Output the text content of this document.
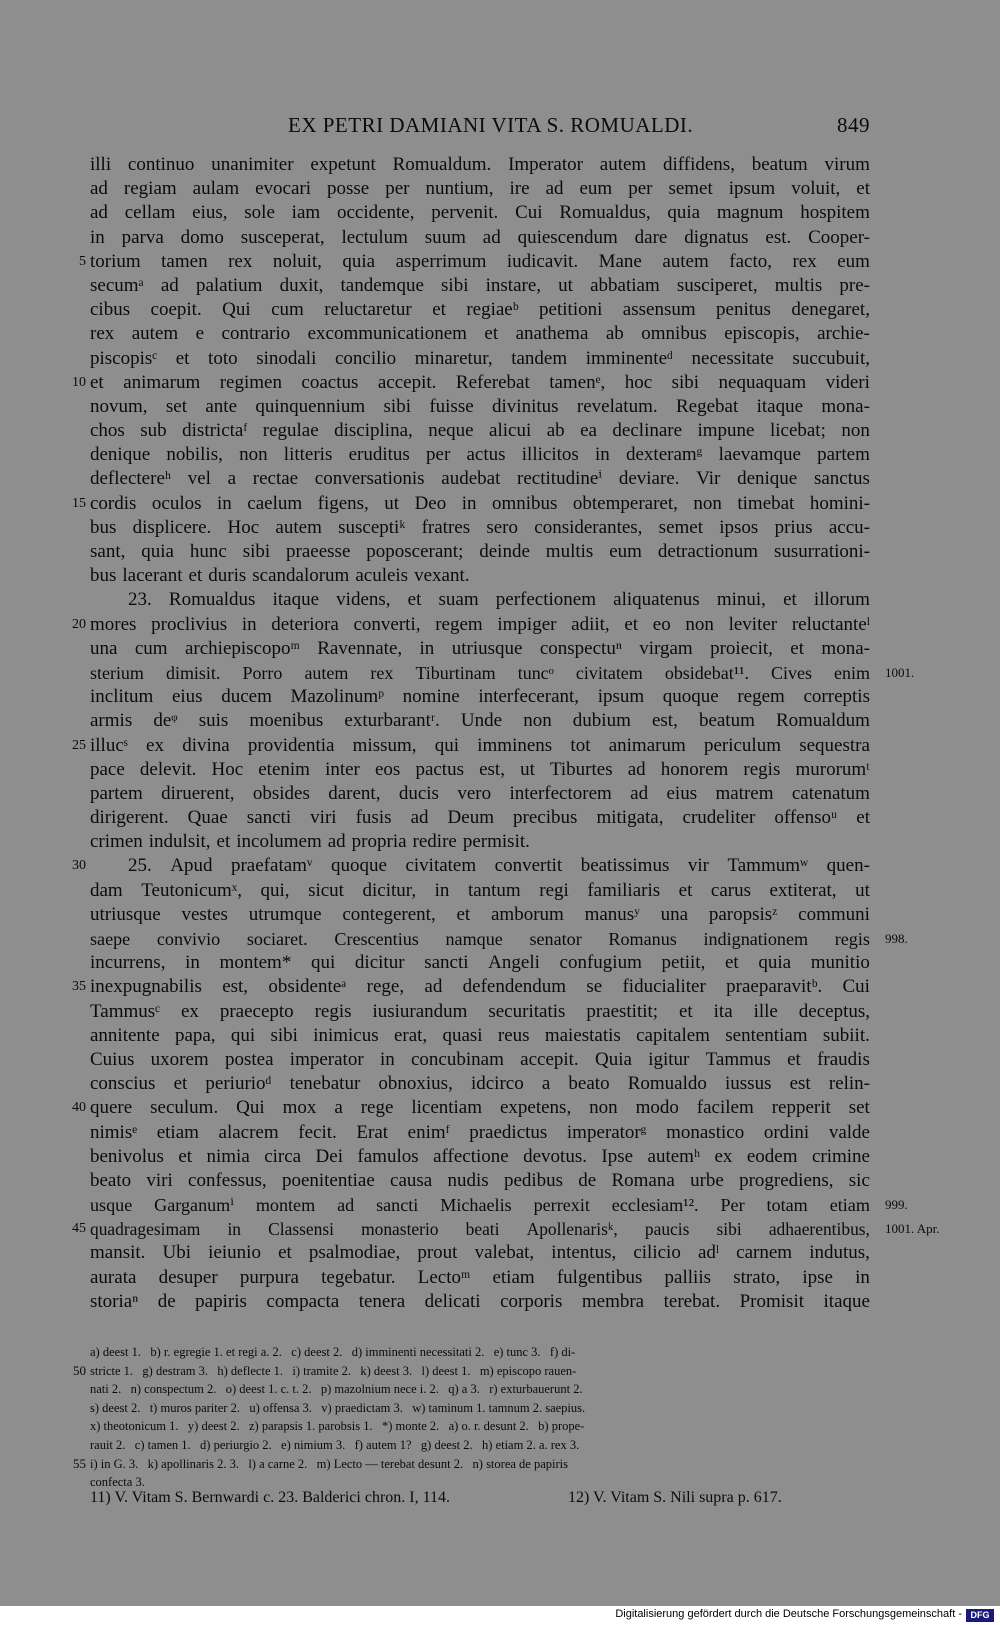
EX PETRI DAMIANI VITA S. ROMUALDI.	849
illi continuo unanimiter expetunt Romualdum. Imperator autem diffidens, beatum virum
ad regiam aulam evocari posse per nuntium, ire ad eum per semet ipsum voluit, et
ad cellam eius, sole iam occidente, pervenit. Cui Romualdus, quia magnum hospitem
in parva domo susceperat, lectulum suum ad quiescendum dare dignatus est. Cooper-
5 torium tamen rex noluit, quia asperrimum iudicavit. Mane autem facto, rex eum
secumᵃ ad palatium duxit, tandemque sibi instare, ut abbatiam susciperet, multis pre-
cibus coepit. Qui cum reluctaretur et regiaeᵇ petitioni assensum penitus denegaret,
rex autem e contrario excommunicationem et anathema ab omnibus episcopis, archie-
piscopisᶜ et toto sinodali concilio minaretur, tandem imminenteᵈ necessitate succubuit,
10 et animarum regimen coactus accepit. Referebat tamenᵉ, hoc sibi nequaquam videri
novum, set ante quinquennium sibi fuisse divinitus revelatum. Regebat itaque mona-
chos sub districtaᶠ regulae disciplina, neque alicui ab ea declinare impune licebat; non
denique nobilis, non litteris eruditus per actus illicitos in dexteramᵍ laevamque partem
deflectereʰ vel a rectae conversationis audebat rectitudineⁱ deviare. Vir denique sanctus
15 cordis oculos in caelum figens, ut Deo in omnibus obtemperaret, non timebat homini-
bus displicere. Hoc autem susceptiᵏ fratres sero considerantes, semet ipsos prius accu-
sant, quia hunc sibi praeesse poposcerant; deinde multis eum detractionum susurrationi-
bus lacerant et duris scandalorum aculeis vexant.
23. Romualdus itaque videns, et suam perfectionem aliquatenus minui, et illorum
20 mores proclivius in deteriora converti, regem impiger adiit, et eo non leviter reluctanteˡ
una cum archiepiscopoᵐ Ravennate, in utriusque conspectuⁿ virgam proiecit, et mona-
sterium dimisit. Porro autem rex Tiburtinam tuncᵒ civitatem obsidebat¹¹. Cives enim 1001.
inclitum eius ducem Mazolinumᵖ nomine interfecerant, ipsum quoque regem correptis
armis deᵠ suis moenibus exturbarantʳ. Unde non dubium est, beatum Romualdum
25 illucˢ ex divina providentia missum, qui imminens tot animarum periculum sequestra
pace delevit. Hoc etenim inter eos pactus est, ut Tiburtes ad honorem regis murorumᵗ
partem diruerent, obsides darent, ducis vero interfectorem ad eius matrem catenatum
dirigerent. Quae sancti viri fusis ad Deum precibus mitigata, crudeliter offensoᵘ et
crimen indulsit, et incolumem ad propria redire permisit.
30 25. Apud praefatamᵛ quoque civitatem convertit beatissimus vir Tammumʷ quen-
dam Teutonicumˣ, qui, sicut dicitur, in tantum regi familiaris et carus extiterat, ut
utriusque vestes utrumque contegerent, et amborum manusʸ una paropsisᶻ communi
saepe convivio sociaret. Crescentius namque senator Romanus indignationem regis 998.
incurrens, in montem* qui dicitur sancti Angeli confugium petiit, et quia munitio
35 inexpugnabilis est, obsidenteᵃ rege, ad defendendum se fiducialiter praeparavitᵇ. Cui
Tammusᶜ ex praecepto regis iusiurandum securitatis praestitit; et ita ille deceptus,
annitente papa, qui sibi inimicus erat, quasi reus maiestatis capitalem sententiam subiit.
Cuius uxorem postea imperator in concubinam accepit. Quia igitur Tammus et fraudis
conscius et periurioᵈ tenebatur obnoxius, idcirco a beato Romualdo iussus est relin-
40 quere seculum. Qui mox a rege licentiam expetens, non modo facilem repperit set
nimisᵉ etiam alacrem fecit. Erat enimᶠ praedictus imperatorᵍ monastico ordini valde
benivolus et nimia circa Dei famulos affectione devotus. Ipse autemʰ ex eodem crimine
beato viri confessus, poenitentiae causa nudis pedibus de Romana urbe progrediens, sic
usque Garganumⁱ montem ad sancti Michaelis perrexit ecclesiam¹². Per totam etiam 999.
45 quadragesimam in Classensi monasterio beati Apollenarisᵏ, paucis sibi adhaerentibus, 1001. Apr.
mansit. Ubi ieiunio et psalmodiae, prout valebat, intentus, cilicio adˡ carnem indutus,
aurata desuper purpura tegebatur. Lectoᵐ etiam fulgentibus palliis strato, ipse in
storiaⁿ de papiris compacta tenera delicati corporis membra terebat. Promisit itaque
a) deest 1.   b) r. egregie 1. et regi a. 2.   c) deest 2.   d) imminenti necessitati 2.   e) tunc 3.   f) di-
50 stricte 1.   g) destram 3.   h) deflecte 1.   i) tramite 2.   k) deest 3.   l) deest 1.   m) episcopo rauen-
nati 2.   n) conspectum 2.   o) deest 1. c. t. 2.   p) mazolnium nece i. 2.   q) a 3.   r) exturbauerunt 2.
s) deest 2.   t) muros pariter 2.   u) offensa 3.   v) praedictam 3.   w) taminum 1. tamnum 2. saepius.
x) theotonicum 1.   y) deest 2.   z) parapsis 1. parobsis 1.   *) monte 2.   a) o. r. desunt 2.   b) prope-
rauit 2.   c) tamen 1.   d) periurgio 2.   e) nimium 3.   f) autem 1?   g) deest 2.   h) etiam 2. a. rex 3.
55 i) in G. 3.   k) apollinaris 2. 3.   l) a carne 2.   m) Lecto — terebat desunt 2.   n) storea de papiris
confecta 3.
11) V. Vitam S. Bernwardi c. 23. Balderici chron. I, 114.	12) V. Vitam S. Nili supra p. 617.
Digitalisierung gefördert durch die Deutsche Forschungsgemeinschaft - DFG
